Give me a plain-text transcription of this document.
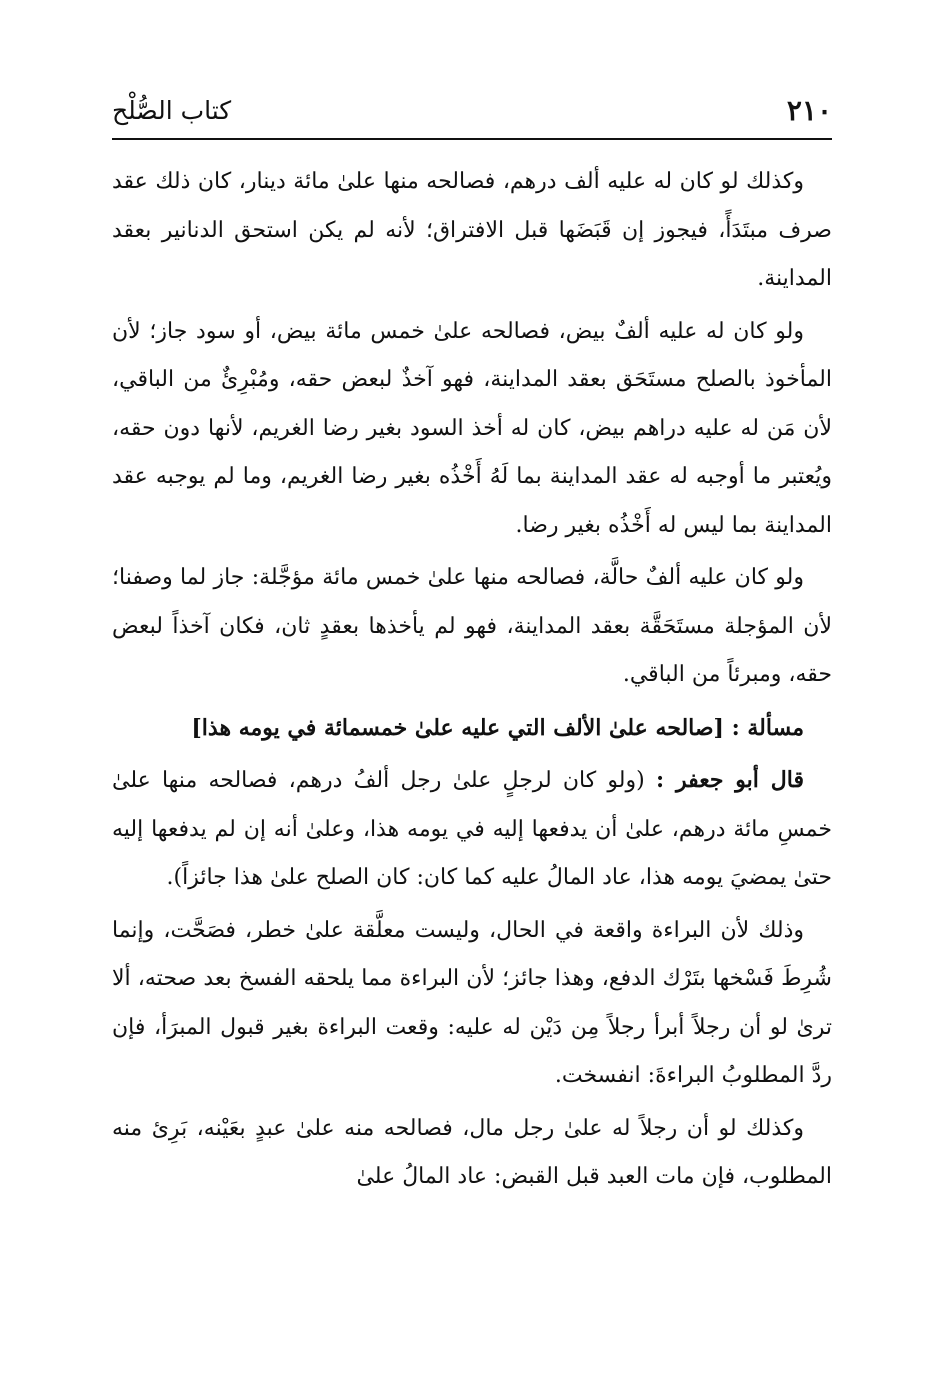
٢١٠
كتاب الصُّلْح

وكذلك لو كان له عليه ألف درهم، فصالحه منها علىٰ مائة دينار، كان ذلك عقد صرف مبتَدَأً، فيجوز إن قَبَضَها قبل الافتراق؛ لأنه لم يكن استحق الدنانير بعقد المداينة.

ولو كان له عليه ألفٌ بيض، فصالحه علىٰ خمس مائة بيض، أو سود جاز؛ لأن المأخوذ بالصلح مستَحَق بعقد المداينة، فهو آخذٌ لبعض حقه، ومُبْرِئٌ من الباقي، لأن مَن له عليه دراهم بيض، كان له أخذ السود بغير رضا الغريم، لأنها دون حقه، ويُعتبر ما أوجبه له عقد المداينة بما لَهُ أَخْذُه بغير رضا الغريم، وما لم يوجبه عقد المداينة بما ليس له أَخْذُه بغير رضا.

ولو كان عليه ألفٌ حالَّة، فصالحه منها علىٰ خمس مائة مؤجَّلة: جاز لما وصفنا؛ لأن المؤجلة مستَحَقَّة بعقد المداينة، فهو لم يأخذها بعقدٍ ثان، فكان آخذاً لبعض حقه، ومبرئاً من الباقي.

مسألة : [صالحه علىٰ الألف التي عليه علىٰ خمسمائة في يومه هذا]

قال أبو جعفر : (ولو كان لرجلٍ علىٰ رجل ألفُ درهم، فصالحه منها علىٰ خمسِ مائة درهم، علىٰ أن يدفعها إليه في يومه هذا، وعلىٰ أنه إن لم يدفعها إليه حتىٰ يمضيَ يومه هذا، عاد المالُ عليه كما كان: كان الصلح علىٰ هذا جائزاً).

وذلك لأن البراءة واقعة في الحال، وليست معلَّقة علىٰ خطر، فصَحَّت، وإنما شُرِطَ فَسْخها بتَرْك الدفع، وهذا جائز؛ لأن البراءة مما يلحقه الفسخ بعد صحته، ألا ترىٰ لو أن رجلاً أبرأ رجلاً مِن دَيْن له عليه: وقعت البراءة بغير قبول المبرَأ، فإن ردَّ المطلوبُ البراءةَ: انفسخت.

وكذلك لو أن رجلاً له علىٰ رجل مال، فصالحه منه علىٰ عبدٍ بعَيْنه، بَرِئ منه المطلوب، فإن مات العبد قبل القبض: عاد المالُ علىٰ
